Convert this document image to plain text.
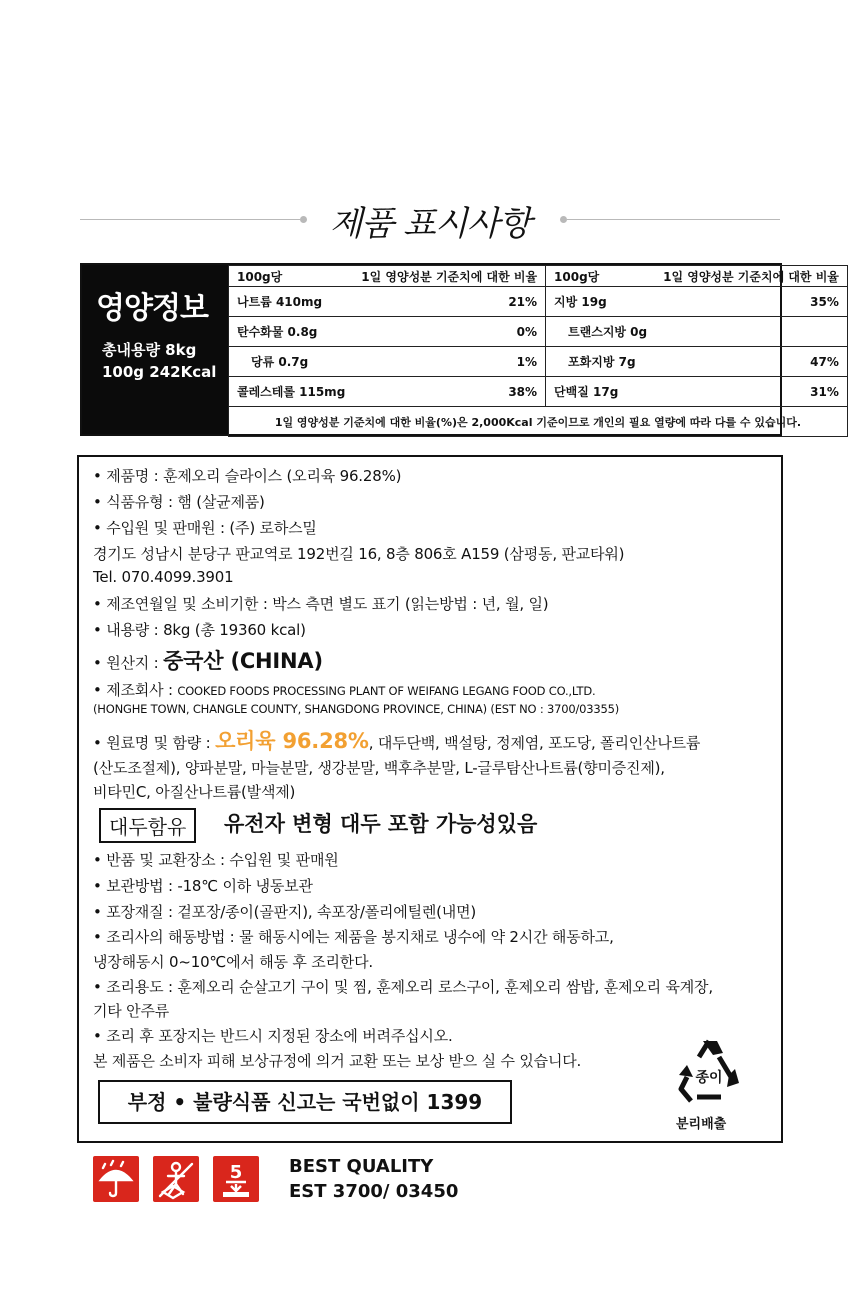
제품 표시사항
영양정보
총내용량 8kg
100g 242Kcal
100g당	1일 영양성분 기준치에 대한 비율	100g당	1일 영양성분 기준치에 대한 비율
나트륨 410mg	21%	지방 19g	35%
탄수화물 0.8g	0%	트랜스지방 0g	
당류 0.7g	1%	포화지방 7g	47%
콜레스테롤 115mg	38%	단백질 17g	31%
1일 영양성분 기준치에 대한 비율(%)은 2,000Kcal 기준이므로 개인의 필요 열량에 따라 다를 수 있습니다.			
• 제품명 : 훈제오리 슬라이스 (오리육 96.28%)
• 식품유형 : 햄 (살균제품)
• 수입원 및 판매원 : (주) 로하스밀
경기도 성남시 분당구 판교역로 192번길 16, 8층 806호 A159 (삼평동, 판교타워)
Tel. 070.4099.3901
• 제조연월일 및 소비기한 : 박스 측면 별도 표기 (읽는방법 : 년, 월, 일)
• 내용량 : 8kg (총 19360 kcal)
• 원산지 : 중국산 (CHINA)
• 제조회사 : COOKED FOODS PROCESSING PLANT OF WEIFANG LEGANG FOOD CO.,LTD.
(HONGHE TOWN, CHANGLE COUNTY, SHANGDONG PROVINCE, CHINA) (EST NO : 3700/03355)
• 원료명 및 함량 : 오리육 96.28%, 대두단백, 백설탕, 정제염, 포도당, 폴리인산나트륨
(산도조절제), 양파분말, 마늘분말, 생강분말, 백후추분말, L-글루탐산나트륨(향미증진제),
비타민C, 아질산나트륨(발색제)
대두함유	유전자 변형 대두 포함 가능성있음
• 반품 및 교환장소 : 수입원 및 판매원
• 보관방법 : -18℃ 이하 냉동보관
• 포장재질 : 겉포장/종이(골판지), 속포장/폴리에틸렌(내면)
• 조리사의 해동방법 : 물 해동시에는 제품을 봉지채로 냉수에 약 2시간 해동하고,
냉장해동시 0~10℃에서 해동 후 조리한다.
• 조리용도 : 훈제오리 순살고기 구이 및 찜, 훈제오리 로스구이, 훈제오리 쌈밥, 훈제오리 육계장,
기타 안주류
• 조리 후 포장지는 반드시 지정된 장소에 버려주십시오.
본 제품은 소비자 피해 보상규정에 의거 교환 또는 보상 받으 실 수 있습니다.
부정 • 불량식품 신고는 국번없이 1399
종이
분리배출
5	BEST QUALITY
EST 3700/ 03450
